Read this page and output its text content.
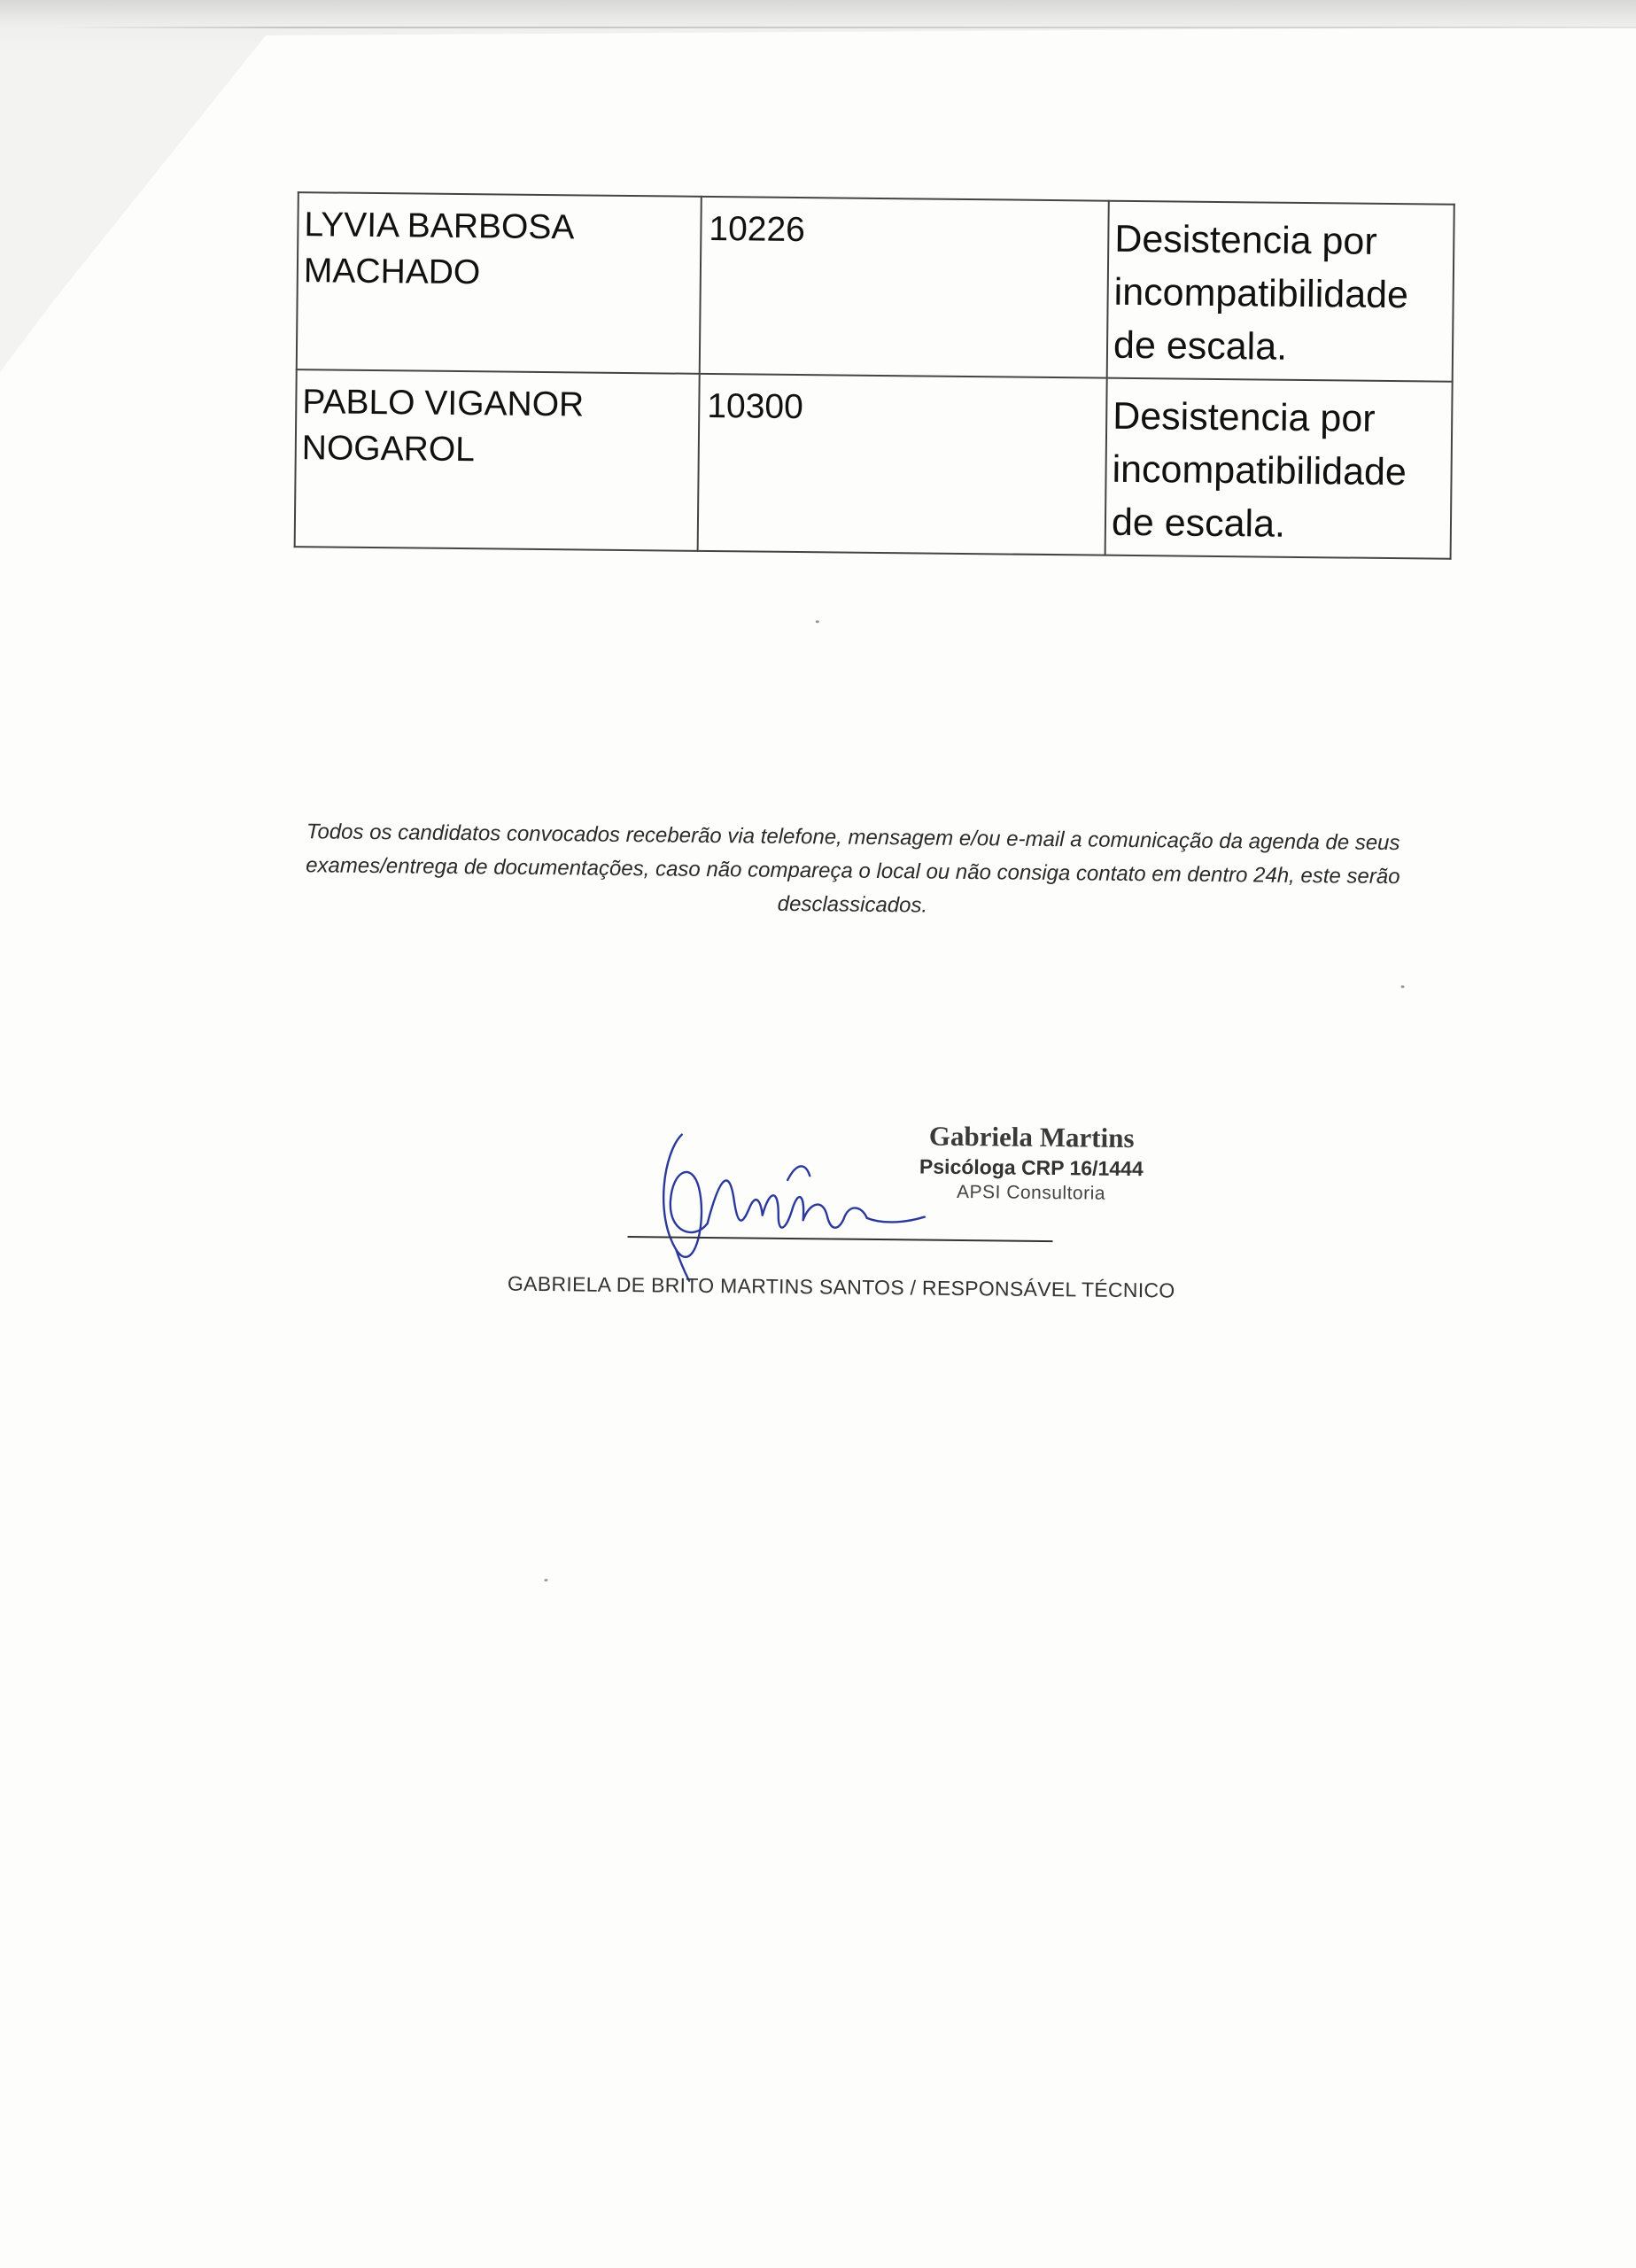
LYVIA BARBOSA MACHADO	10226	Desistencia por incompatibilidade de escala.
PABLO VIGANOR NOGAROL	10300	Desistencia por incompatibilidade de escala.

Todos os candidatos convocados receberão via telefone, mensagem e/ou e-mail a comunicação da agenda de seus exames/entrega de documentações, caso não compareça o local ou não consiga contato em dentro 24h, este serão desclassicados.

Gabriela Martins
Psicóloga CRP 16/1444
APSI Consultoria
GABRIELA DE BRITO MARTINS SANTOS / RESPONSÁVEL TÉCNICO
